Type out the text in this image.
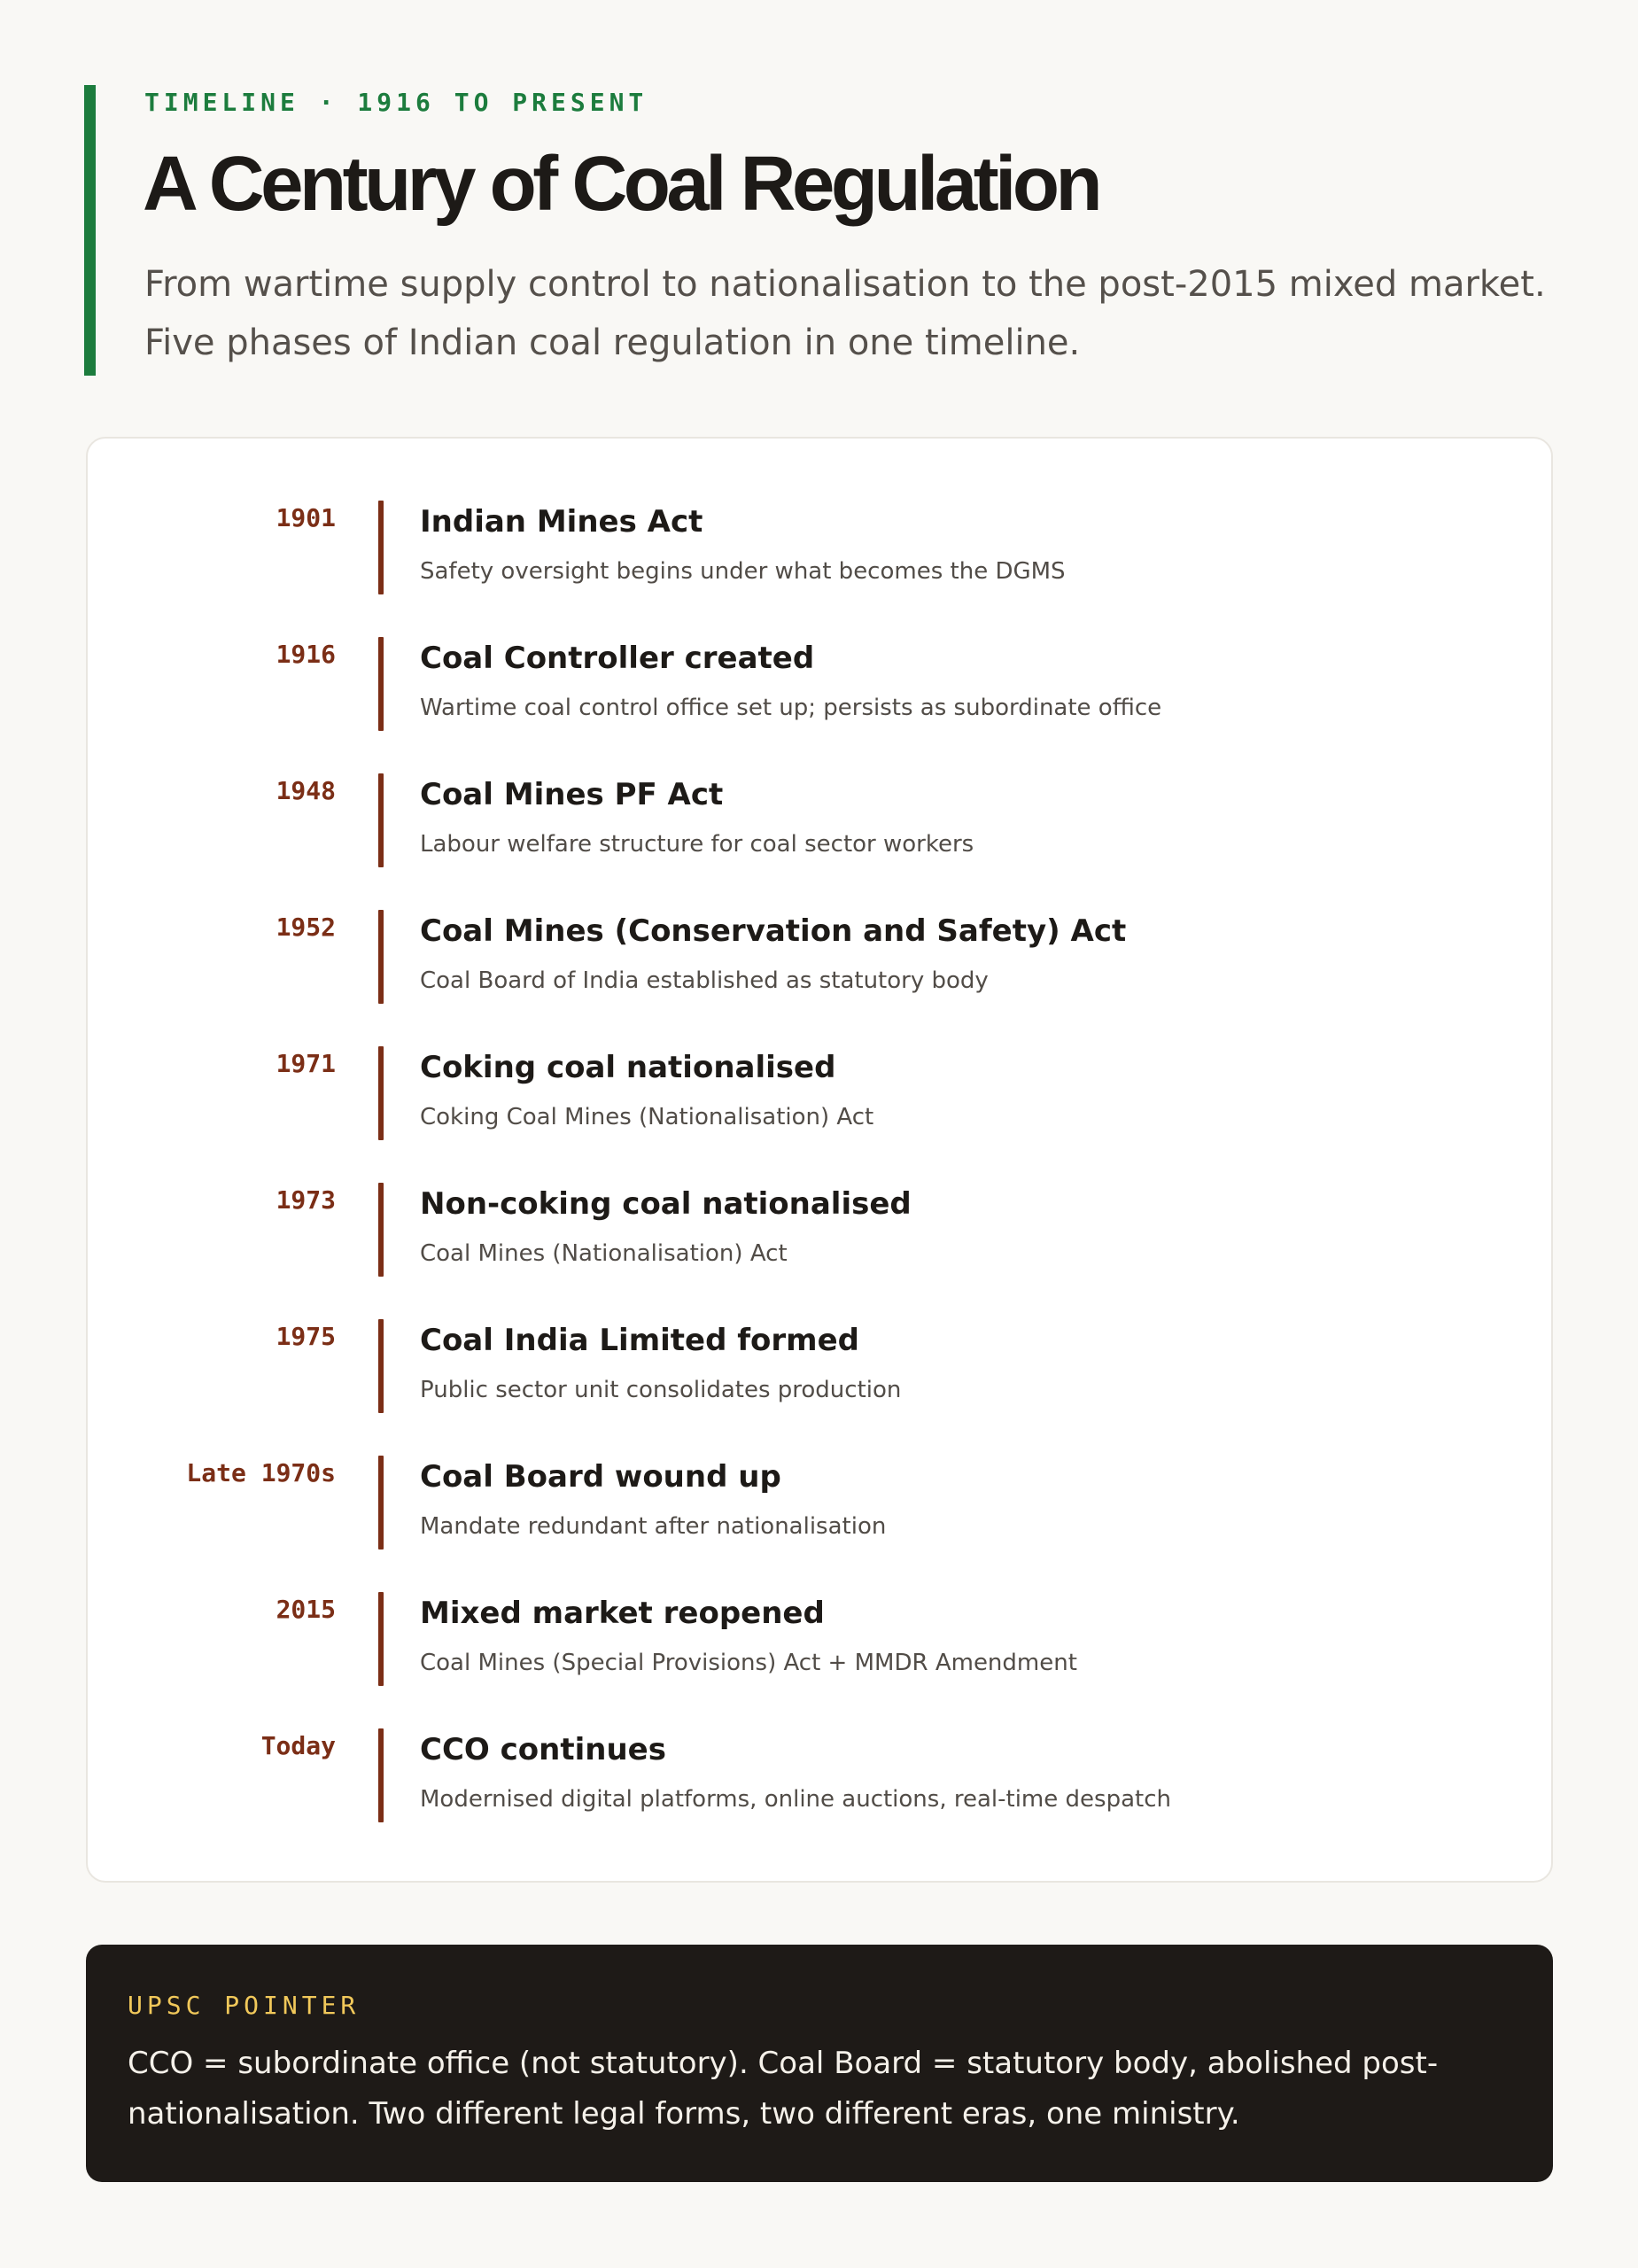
TIMELINE · 1916 TO PRESENT
A Century of Coal Regulation

From wartime supply control to nationalisation to the post-2015 mixed market. Five phases of Indian coal regulation in one timeline.

1901	Indian Mines Act
Safety oversight begins under what becomes the DGMS
1916	Coal Controller created
Wartime coal control office set up; persists as subordinate office
1948	Coal Mines PF Act
Labour welfare structure for coal sector workers
1952	Coal Mines (Conservation and Safety) Act
Coal Board of India established as statutory body
1971	Coking coal nationalised
Coking Coal Mines (Nationalisation) Act
1973	Non-coking coal nationalised
Coal Mines (Nationalisation) Act
1975	Coal India Limited formed
Public sector unit consolidates production
Late 1970s	Coal Board wound up
Mandate redundant after nationalisation
2015	Mixed market reopened
Coal Mines (Special Provisions) Act + MMDR Amendment
Today	CCO continues
Modernised digital platforms, online auctions, real-time despatch
UPSC POINTER

CCO = subordinate office (not statutory). Coal Board = statutory body, abolished post-nationalisation. Two different legal forms, two different eras, one ministry.
